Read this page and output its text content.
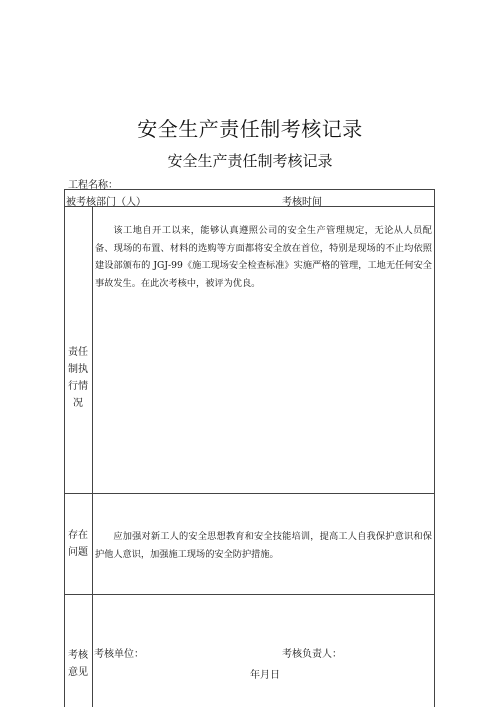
安全生产责任制考核记录
安全生产责任制考核记录
工程名称：
被考核部门（人）	考核时间
责任
制执
行情
况
该工地自开工以来，能够认真遵照公司的安全生产管理规定，无论从人员配备、现场的布置、材料的选购等方面都将安全放在首位，特别是现场的不止均依照建设部颁布的 JGJ-99《施工现场安全检查标准》实施严格的管理，工地无任何安全事故发生。在此次考核中，被评为优良。
存在
问题
应加强对新工人的安全思想教育和安全技能培训，提高工人自我保护意识和保护他人意识，加强施工现场的安全防护措施。
考核
意见
考核单位：	考核负责人：
年月日
